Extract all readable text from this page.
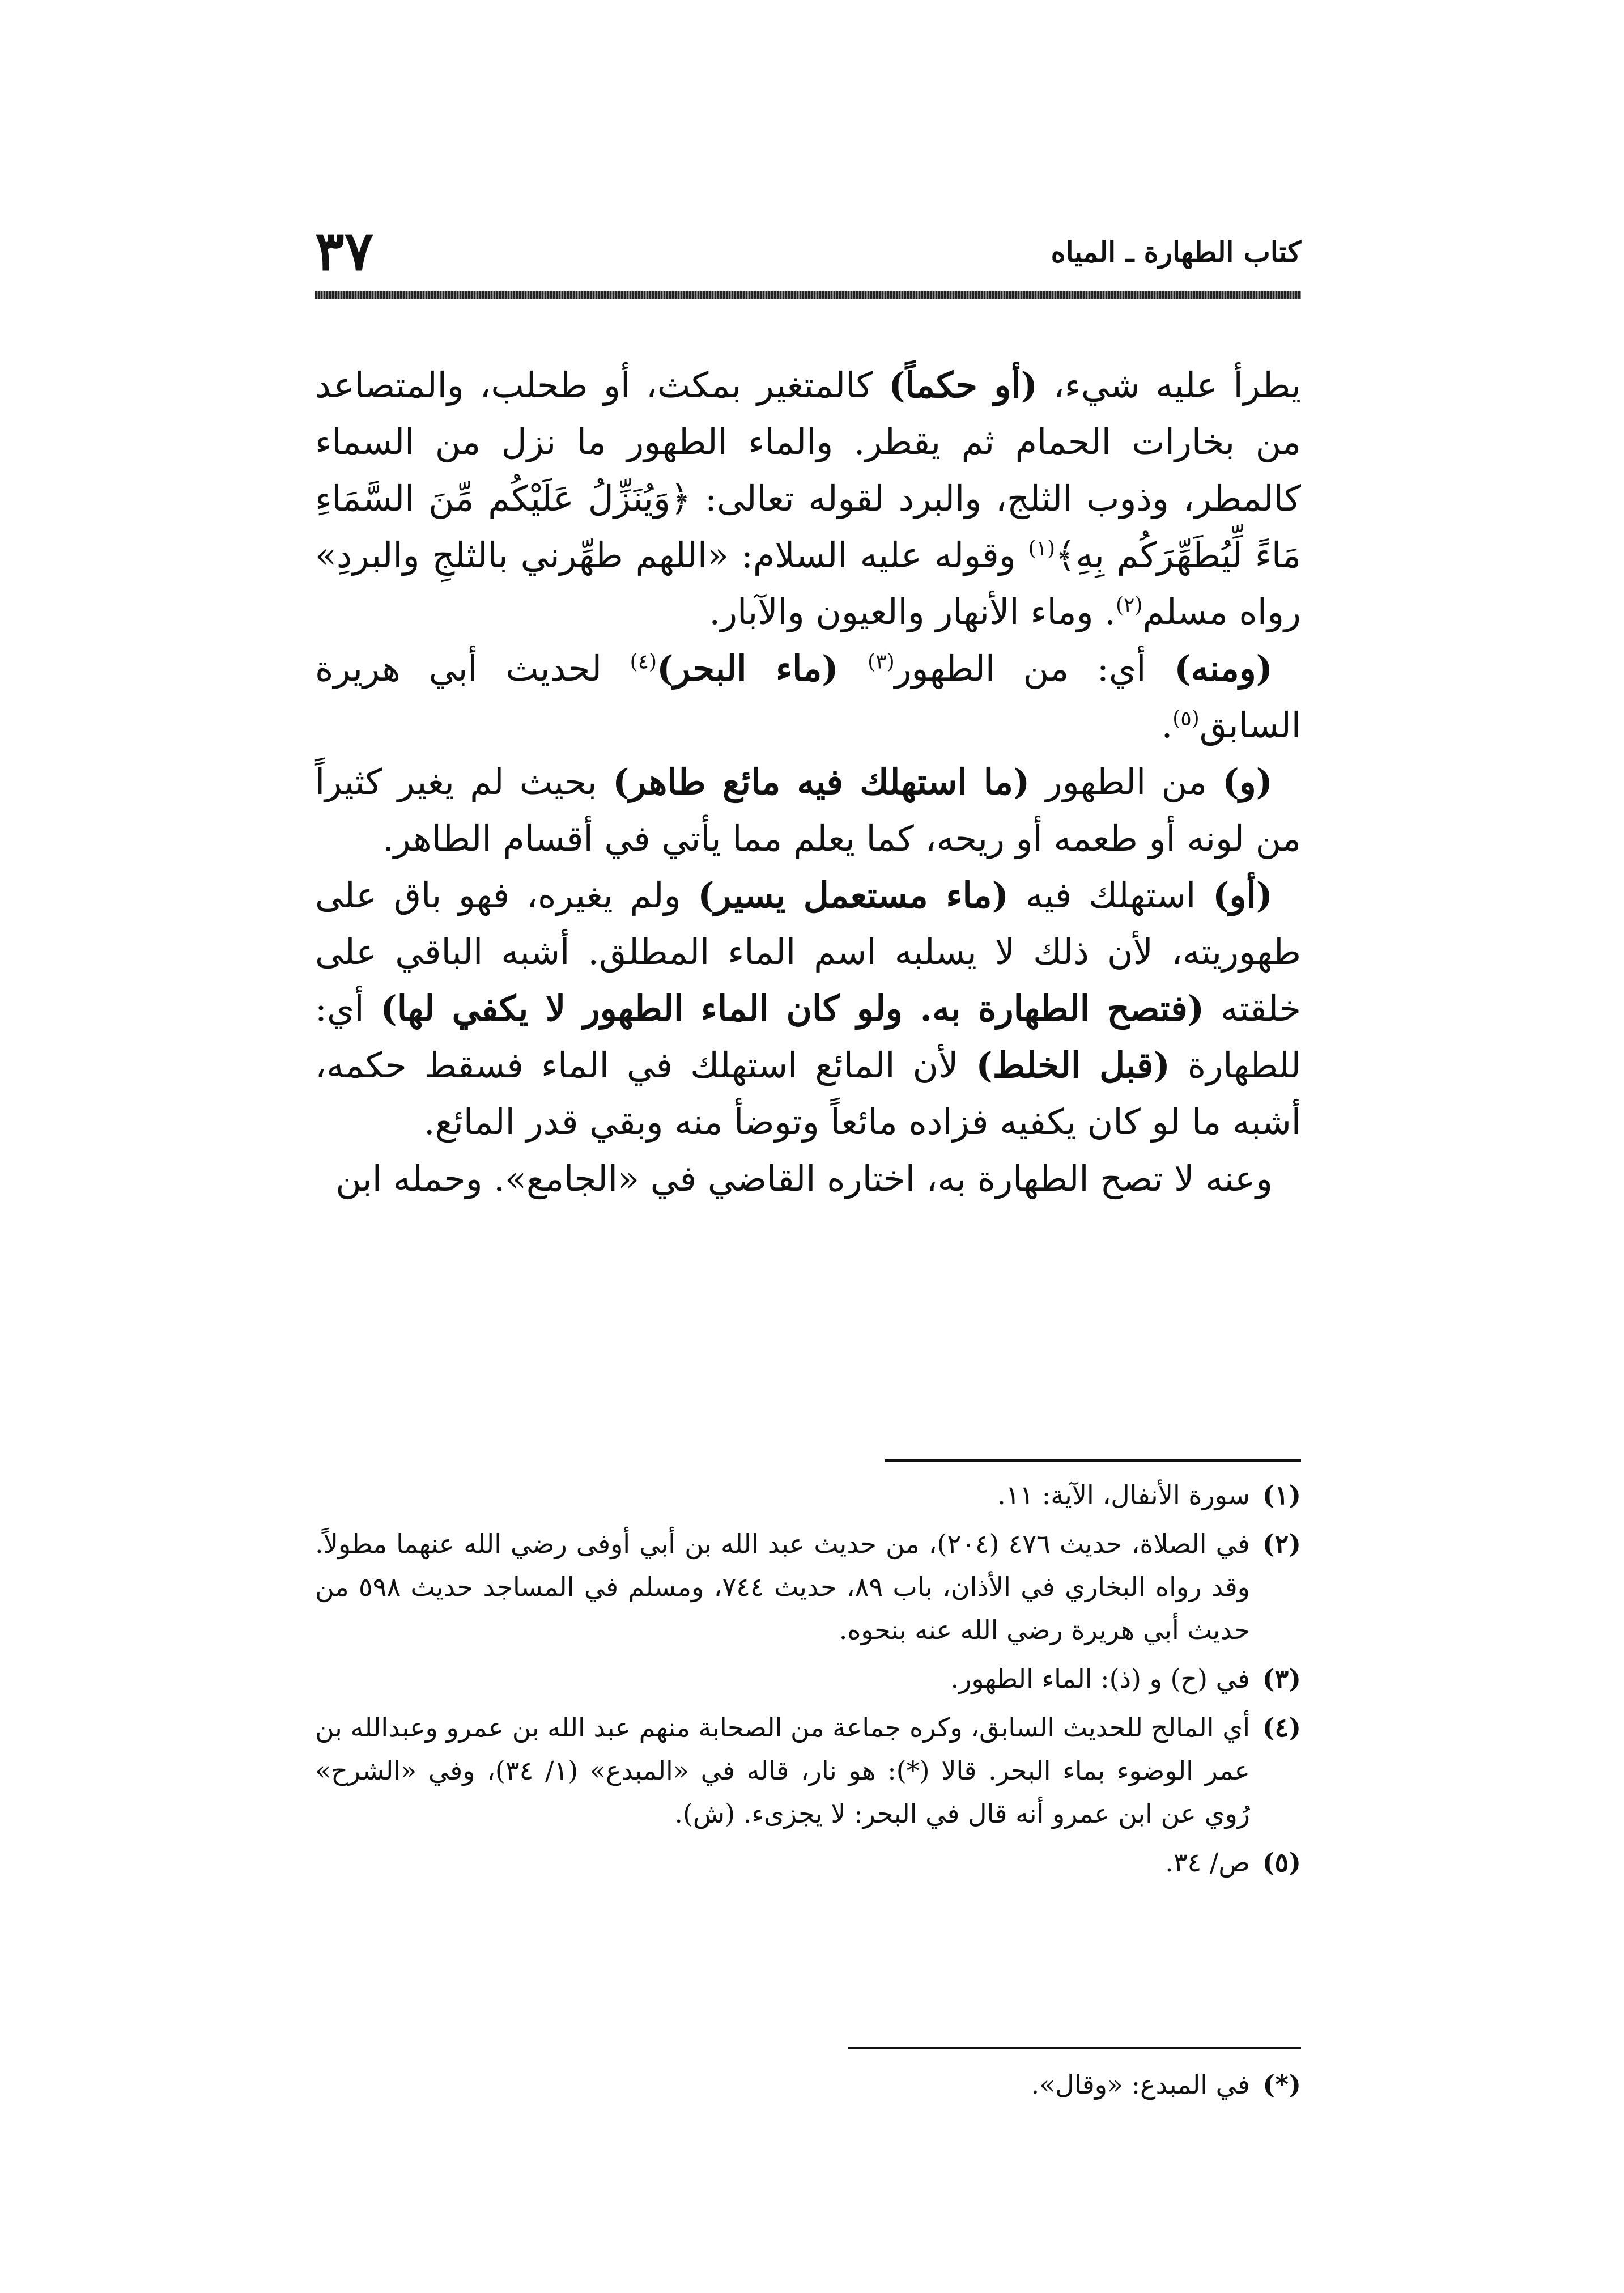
كتاب الطهارة ـ المياه
٣٧

يطرأ عليه شيء، (أو حكماً) كالمتغير بمكث، أو طحلب، والمتصاعد من بخارات الحمام ثم يقطر. والماء الطهور ما نزل من السماء كالمطر، وذوب الثلج، والبرد لقوله تعالى: ﴿وَيُنَزِّلُ عَلَيْكُم مِّنَ السَّمَاءِ مَاءً لِّيُطَهِّرَكُم بِهِ﴾$^{(١)}$ وقوله عليه السلام: «اللهم طهِّرني بالثلجِ والبردِ» رواه مسلم$^{(٢)}$. وماء الأنهار والعيون والآبار.

(ومنه) أي: من الطهور$^{(٣)}$ (ماء البحر)$^{(٤)}$ لحديث أبي هريرة السابق$^{(٥)}$.

(و) من الطهور (ما استهلك فيه مائع طاهر) بحيث لم يغير كثيراً من لونه أو طعمه أو ريحه، كما يعلم مما يأتي في أقسام الطاهر.

(أو) استهلك فيه (ماء مستعمل يسير) ولم يغيره، فهو باق على طهوريته، لأن ذلك لا يسلبه اسم الماء المطلق. أشبه الباقي على خلقته (فتصح الطهارة به. ولو كان الماء الطهور لا يكفي لها) أي: للطهارة (قبل الخلط) لأن المائع استهلك في الماء فسقط حكمه، أشبه ما لو كان يكفيه فزاده مائعاً وتوضأ منه وبقي قدر المائع.

وعنه لا تصح الطهارة به، اختاره القاضي في «الجامع». وحمله ابن

(١)
سورة الأنفال، الآية: ١١.
(٢)
في الصلاة، حديث ٤٧٦ (٢٠٤)، من حديث عبد الله بن أبي أوفى رضي الله عنهما مطولاً. وقد رواه البخاري في الأذان، باب ٨٩، حديث ٧٤٤، ومسلم في المساجد حديث ٥٩٨ من حديث أبي هريرة رضي الله عنه بنحوه.
(٣)
في (ح) و (ذ): الماء الطهور.
(٤)
أي المالح للحديث السابق، وكره جماعة من الصحابة منهم عبد الله بن عمرو وعبدالله بن عمر الوضوء بماء البحر. قالا (*): هو نار، قاله في «المبدع» (١/ ٣٤)، وفي «الشرح» رُوي عن ابن عمرو أنه قال في البحر: لا يجزىء. (ش).
(٥)
ص/ ٣٤.
(*)
في المبدع: «وقال».
